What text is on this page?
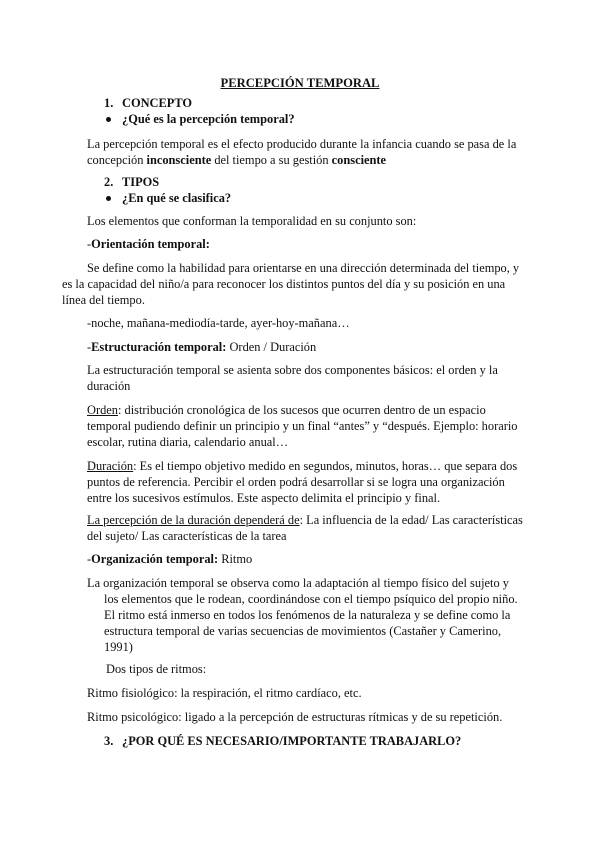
PERCEPCIÓN TEMPORAL

1. CONCEPTO

¿Qué es la percepción temporal?

La percepción temporal es el efecto producido durante la infancia cuando se pasa de la

concepción inconsciente del tiempo a su gestión consciente

2. TIPOS

¿En qué se clasifica?

Los elementos que conforman la temporalidad en su conjunto son:

-Orientación temporal:

Se define como la habilidad para orientarse en una dirección determinada del tiempo, y

es la capacidad del niño/a para reconocer los distintos puntos del día y su posición en una

línea del tiempo.

-noche, mañana-mediodía-tarde, ayer-hoy-mañana…

-Estructuración temporal: Orden / Duración

La estructuración temporal se asienta sobre dos componentes básicos: el orden y la

duración

Orden: distribución cronológica de los sucesos que ocurren dentro de un espacio

temporal pudiendo definir un principio y un final “antes” y “después. Ejemplo: horario

escolar, rutina diaria, calendario anual…

Duración: Es el tiempo objetivo medido en segundos, minutos, horas… que separa dos

puntos de referencia. Percibir el orden podrá desarrollar si se logra una organización

entre los sucesivos estímulos. Este aspecto delimita el principio y final.

La percepción de la duración dependerá de: La influencia de la edad/ Las características

del sujeto/ Las características de la tarea

-Organización temporal: Ritmo

La organización temporal se observa como la adaptación al tiempo físico del sujeto y

los elementos que le rodean, coordinándose con el tiempo psíquico del propio niño.

El ritmo está inmerso en todos los fenómenos de la naturaleza y se define como la

estructura temporal de varias secuencias de movimientos (Castañer y Camerino,

1991)

Dos tipos de ritmos:

Ritmo fisiológico: la respiración, el ritmo cardíaco, etc.

Ritmo psicológico: ligado a la percepción de estructuras rítmicas y de su repetición.

3. ¿POR QUÉ ES NECESARIO/IMPORTANTE TRABAJARLO?
